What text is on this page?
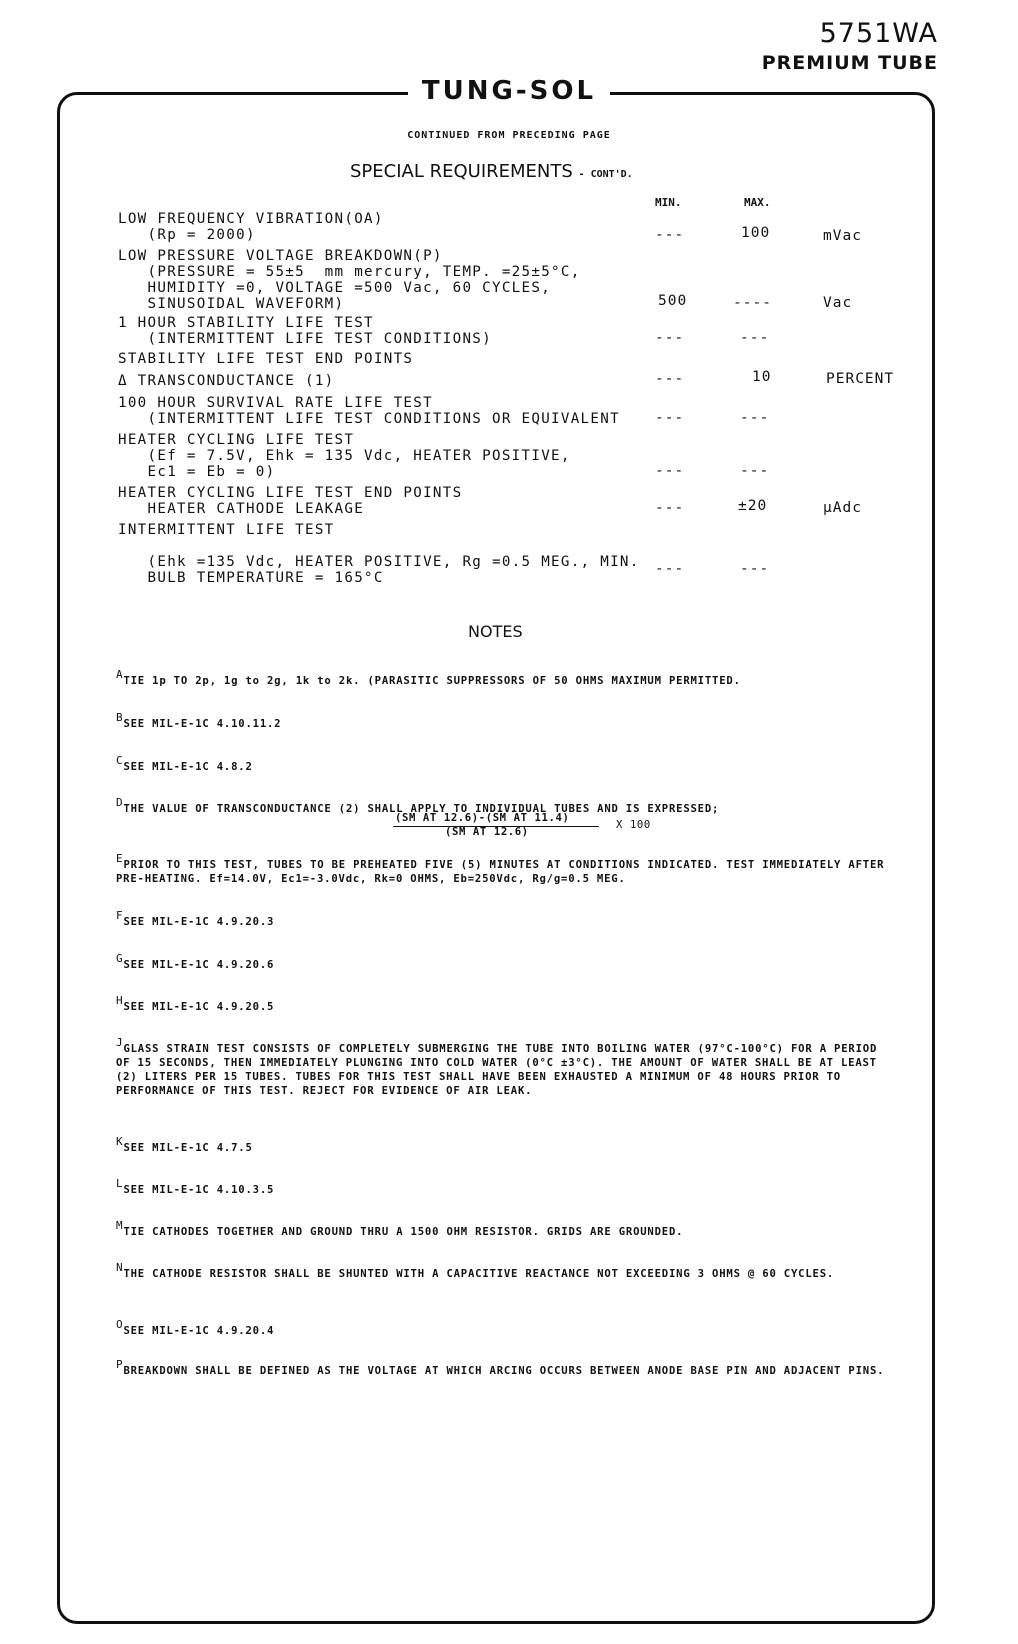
5751WA
PREMIUM TUBE
TUNG-SOL
CONTINUED FROM PRECEDING PAGE
SPECIAL REQUIREMENTS - CONT'D.
MIN.	MAX.
LOW FREQUENCY VIBRATION(OA)
(Rp = 2000)	---	100	mVac
LOW PRESSURE VOLTAGE BREAKDOWN(P)
(PRESSURE = 55±5  mm mercury, TEMP. =25±5°C,
HUMIDITY =0, VOLTAGE =500 Vac, 60 CYCLES,
SINUSOIDAL WAVEFORM)	500	----	Vac
1 HOUR STABILITY LIFE TEST
(INTERMITTENT LIFE TEST CONDITIONS)	---	---
STABILITY LIFE TEST END POINTS
Δ TRANSCONDUCTANCE (1)	---	10	PERCENT
100 HOUR SURVIVAL RATE LIFE TEST
(INTERMITTENT LIFE TEST CONDITIONS OR EQUIVALENT ---	---
HEATER CYCLING LIFE TEST
(Ef = 7.5V, Ehk = 135 Vdc, HEATER POSITIVE,
Ec1 = Eb = 0)	---	---
HEATER CYCLING LIFE TEST END POINTS
HEATER CATHODE LEAKAGE	---	±20	μAdc
INTERMITTENT LIFE TEST

(Ehk =135 Vdc, HEATER POSITIVE, Rg =0.5 MEG., MIN.
BULB TEMPERATURE = 165°C
---	---
NOTES
$^A$TIE 1p TO 2p, 1g to 2g, 1k to 2k. (PARASITIC SUPPRESSORS OF 50 OHMS MAXIMUM PERMITTED.
$^B$SEE MIL-E-1C 4.10.11.2
$^C$SEE MIL-E-1C 4.8.2
$^D$THE VALUE OF TRANSCONDUCTANCE (2) SHALL APPLY TO INDIVIDUAL TUBES AND IS EXPRESSED;
(SM AT 12.6)-(SM AT 11.4)
(SM AT 12.6)
X 100
$^E$PRIOR TO THIS TEST, TUBES TO BE PREHEATED FIVE (5) MINUTES AT CONDITIONS INDICATED. TEST IMMEDIATELY AFTER PRE-HEATING. Ef=14.0V, Ec1=-3.0Vdc, Rk=0 OHMS, Eb=250Vdc, Rg/g=0.5 MEG.
$^F$SEE MIL-E-1C 4.9.20.3
$^G$SEE MIL-E-1C 4.9.20.6
$^H$SEE MIL-E-1C 4.9.20.5
$^J$GLASS STRAIN TEST CONSISTS OF COMPLETELY SUBMERGING THE TUBE INTO BOILING WATER (97°C-100°C) FOR A PERIOD OF 15 SECONDS, THEN IMMEDIATELY PLUNGING INTO COLD WATER (0°C ±3°C). THE AMOUNT OF WATER SHALL BE AT LEAST (2) LITERS PER 15 TUBES. TUBES FOR THIS TEST SHALL HAVE BEEN EXHAUSTED A MINIMUM OF 48 HOURS PRIOR TO PERFORMANCE OF THIS TEST. REJECT FOR EVIDENCE OF AIR LEAK.
$^K$SEE MIL-E-1C 4.7.5
$^L$SEE MIL-E-1C 4.10.3.5
$^M$TIE CATHODES TOGETHER AND GROUND THRU A 1500 OHM RESISTOR. GRIDS ARE GROUNDED.
$^N$THE CATHODE RESISTOR SHALL BE SHUNTED WITH A CAPACITIVE REACTANCE NOT EXCEEDING 3 OHMS @ 60 CYCLES.
$^O$SEE MIL-E-1C 4.9.20.4
$^P$BREAKDOWN SHALL BE DEFINED AS THE VOLTAGE AT WHICH ARCING OCCURS BETWEEN ANODE BASE PIN AND ADJACENT PINS.
